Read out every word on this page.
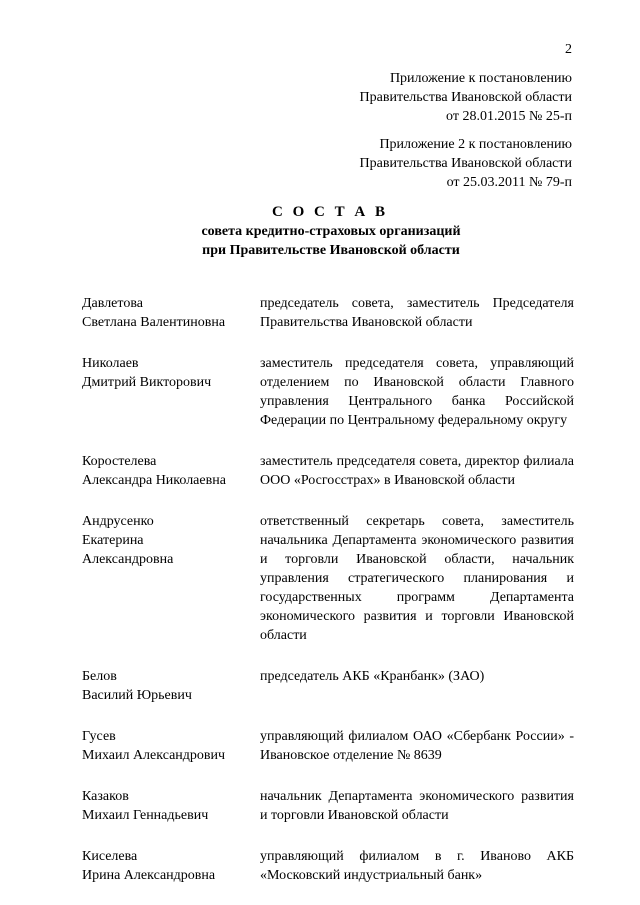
2
Приложение к постановлению
Правительства Ивановской области
от 28.01.2015 № 25-п
Приложение 2 к постановлению
Правительства Ивановской области
от 25.03.2011 № 79-п
С О С Т А В
совета кредитно-страховых организаций
при Правительстве Ивановской области
Давлетова
Светлана Валентиновна
председатель совета, заместитель Председателя Правительства Ивановской области
Николаев
Дмитрий Викторович
заместитель председателя совета, управляющий отделением по Ивановской области Главного управления Центрального банка Российской Федерации по Центральному федеральному округу
Коростелева
Александра Николаевна
заместитель председателя совета, директор филиала ООО «Росгосстрах» в Ивановской области
Андрусенко
Екатерина
Александровна
ответственный секретарь совета, заместитель начальника Департамента экономического развития и торговли Ивановской области, начальник управления стратегического планирования и государственных программ Департамента экономического развития и торговли Ивановской области
Белов
Василий Юрьевич
председатель АКБ «Кранбанк» (ЗАО)
Гусев
Михаил Александрович
управляющий филиалом ОАО «Сбербанк России» - Ивановское отделение № 8639
Казаков
Михаил Геннадьевич
начальник Департамента экономического развития и торговли Ивановской области
Киселева
Ирина Александровна
управляющий филиалом в г. Иваново АКБ «Московский индустриальный банк»
